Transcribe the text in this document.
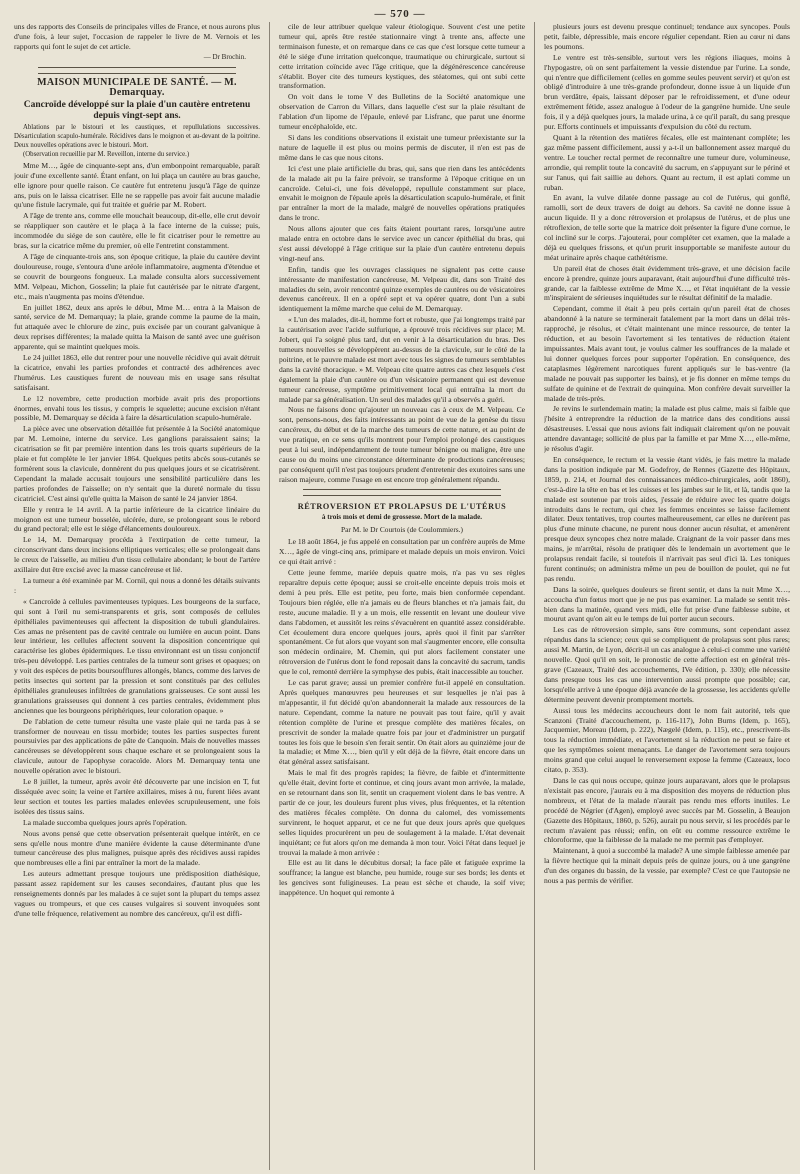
— 570 —

uns des rapports des Conseils de principales villes de France, et nous aurons plus d'une fois, à leur sujet, l'occasion de rappeler le livre de M. Vernois et les rapports qui font le sujet de cet article.

— Dr Brochin.
MAISON MUNICIPALE DE SANTÉ. — M. Demarquay.
Cancroïde développé sur la plaie d'un cautère entretenu depuis vingt-sept ans.

Ablations par le bistouri et les caustiques, et repullulations successives. Désarticulation scapulo-humérale. Récidives dans le moignon et au-devant de la poitrine. Deux nouvelles opérations avec le bistouri. Mort.

(Observation recueillie par M. Reveillon, interne du service.)

Mme M…, âgée de cinquante-sept ans, d'un embonpoint remarquable, paraît jouir d'une excellente santé. Étant enfant, on lui plaça un cautère au bras gauche, elle ignore pour quelle raison. Ce cautère fut entretenu jusqu'à l'âge de quinze ans, puis on le laissa cicatriser. Elle ne se rappelle pas avoir fait aucune maladie qu'une fistule lacrymale, qui fut traitée et guérie par M. Robert.

A l'âge de trente ans, comme elle mouchait beaucoup, dit-elle, elle crut devoir se réappliquer son cautère et le plaça à la face interne de la cuisse; puis, incommodée du siége de son cautère, elle le fit cicatriser pour le remettre au bras, sur la cicatrice même du premier, où elle l'entretint constamment.

A l'âge de cinquante-trois ans, son époque critique, la plaie du cautère devint douloureuse, rouge, s'entoura d'une aréole inflammatoire, augmenta d'étendue et se couvrit de bourgeons fongueux. La malade consulta alors successivement MM. Velpeau, Michon, Gosselin; la plaie fut cautérisée par le nitrate d'argent, etc., mais n'augmenta pas moins d'étendue.

En juillet 1862, deux ans après le début, Mme M… entra à la Maison de santé, service de M. Demarquay; la plaie, grande comme la paume de la main, fut attaquée avec le chlorure de zinc, puis excisée par un courant galvanique à deux reprises différentes; la malade quitta la Maison de santé avec une guérison apparente, qui se maintint quelques mois.

Le 24 juillet 1863, elle dut rentrer pour une nouvelle récidive qui avait détruit la cicatrice, envahi les parties profondes et contracté des adhérences avec l'humérus. Les caustiques furent de nouveau mis en usage sans résultat satisfaisant.

Le 12 novembre, cette production morbide avait pris des proportions énormes, envahi tous les tissus, y compris le squelette; aucune excision n'étant possible, M. Demarquay se décida à faire la désarticulation scapulo-humérale.

La pièce avec une observation détaillée fut présentée à la Société anatomique par M. Lemoine, interne du service. Les ganglions paraissaient sains; la cicatrisation se fit par première intention dans les trois quarts supérieurs de la plaie et fut complète le 1er janvier 1864. Quelques petits abcès sous-cutanés se formèrent sous la clavicule, donnèrent du pus quelques jours et se cicatrisèrent. Cependant la malade accusait toujours une sensibilité particulière dans les parties profondes de l'aisselle; on n'y sentait que la dureté normale du tissu cicatriciel. C'est ainsi qu'elle quitta la Maison de santé le 24 janvier 1864.

Elle y rentra le 14 avril. A la partie inférieure de la cicatrice linéaire du moignon est une tumeur bosselée, ulcérée, dure, se prolongeant sous le rebord du grand pectoral; elle est le siége d'élancements douloureux.

Le 14, M. Demarquay procéda à l'extirpation de cette tumeur, la circonscrivant dans deux incisions elliptiques verticales; elle se prolongeait dans le creux de l'aisselle, au milieu d'un tissu cellulaire abondant; le bout de l'artère axillaire dut être excisé avec la masse cancéreuse et lié.

La tumeur a été examinée par M. Cornil, qui nous a donné les détails suivants :

« Cancroïde à cellules pavimenteuses typiques. Les bourgeons de la surface, qui sont à l'œil nu semi-transparents et gris, sont composés de cellules épithéliales pavimenteuses qui affectent la disposition de tubuli glandulaires. Ces amas ne présentent pas de cavité centrale ou lumière en aucun point. Dans leur intérieur, les cellules affectent souvent la disposition concentrique qui caractérise les globes épidermiques. Le tissu environnant est un tissu conjonctif très-peu développé. Les parties centrales de la tumeur sont grises et opaques; on y voit des espèces de petits boursoufflures allongés, blancs, comme des larves de petits insectes qui sortent par la pression et sont constitués par des cellules épithéliales granuleuses infiltrées de granulations graisseuses. Ce sont aussi les granulations graisseuses qui donnent à ces parties centrales, évidemment plus anciennes que les bourgeons périphériques, leur coloration opaque. »

De l'ablation de cette tumeur résulta une vaste plaie qui ne tarda pas à se transformer de nouveau en tissu morbide; toutes les parties suspectes furent poursuivies par des applications de pâte de Canquoin. Mais de nouvelles masses cancéreuses se développèrent sous chaque eschare et se prolongeaient sous la clavicule, autour de l'apophyse coracoïde. Alors M. Demarquay tenta une nouvelle opération avec le bistouri.

Le 8 juillet, la tumeur, après avoir été découverte par une incision en T, fut disséquée avec soin; la veine et l'artère axillaires, mises à nu, furent liées avant leur section et toutes les parties malades enlevées scrupuleusement, une fois isolées des tissus sains.

La malade succomba quelques jours après l'opération.

Nous avons pensé que cette observation présenterait quelque intérêt, en ce sens qu'elle nous montre d'une manière évidente la cause déterminante d'une tumeur cancéreuse des plus malignes, puisque après des récidives aussi rapides que nombreuses elle a fini par entraîner la mort de la malade.

Les auteurs admettant presque toujours une prédisposition diathésique, passant assez rapidement sur les causes secondaires, d'autant plus que les renseignements donnés par les malades à ce sujet sont la plupart du temps assez vagues ou trompeurs, et que ces causes vulgaires si souvent invoquées sont d'une telle fréquence, relativement au nombre des cancéreux, qu'il est diffi-

cile de leur attribuer quelque valeur étiologique. Souvent c'est une petite tumeur qui, après être restée stationnaire vingt à trente ans, affecte une terminaison funeste, et on remarque dans ce cas que c'est lorsque cette tumeur a été le siége d'une irritation quelconque, traumatique ou chirurgicale, surtout si cette irritation coïncide avec l'âge critique, que la dégénérescence cancéreuse s'établit. Boyer cite des tumeurs kystiques, des stéatomes, qui ont subi cette transformation.

On voit dans le tome V des Bulletins de la Société anatomique une observation de Carron du Villars, dans laquelle c'est sur la plaie résultant de l'ablation d'un lipome de l'épaule, enlevé par Lisfranc, que parut une énorme tumeur encéphaloïde, etc.

Si dans les conditions observations il existait une tumeur préexistante sur la nature de laquelle il est plus ou moins permis de discuter, il n'en est pas de même dans le cas que nous citons.

Ici c'est une plaie artificielle du bras, qui, sans que rien dans les antécédents de la malade ait pu la faire prévoir, se transforme à l'époque critique en un cancroïde. Celui-ci, une fois développé, repullule constamment sur place, envahit le moignon de l'épaule après la désarticulation scapulo-humérale, et finit par entraîner la mort de la malade, malgré de nouvelles opérations pratiquées dans le tronc.

Nous allons ajouter que ces faits étaient pourtant rares, lorsqu'une autre malade entra en octobre dans le service avec un cancer épithélial du bras, qui s'est aussi développé à l'âge critique sur la plaie d'un cautère entretenu depuis vingt-neuf ans.

Enfin, tandis que les ouvrages classiques ne signalent pas cette cause intéressante de manifestation cancéreuse, M. Velpeau dit, dans son Traité des maladies du sein, avoir rencontré quinze exemples de cautères ou de vésicatoires devenus cancéreux. Il en a opéré sept et va opérer quatre, dont l'un a subi identiquement la même marche que celui de M. Demarquay.

« L'un des malades, dit-il, homme fort et robuste, que j'ai longtemps traité par la cautérisation avec l'acide sulfurique, a éprouvé trois récidives sur place; M. Jobert, qui l'a soigné plus tard, dut en venir à la désarticulation du bras. Des tumeurs nouvelles se développèrent au-dessus de la clavicule, sur le côté de la poitrine, et le pauvre malade est mort avec tous les signes de tumeurs semblables dans la cavité thoracique. » M. Velpeau cite quatre autres cas chez lesquels c'est également la plaie d'un cautère ou d'un vésicatoire permanent qui est devenue tumeur cancéreuse, symptôme primitivement local qui entraîna la mort du malade par sa généralisation. Un seul des malades qu'il a observés a guéri.

Nous ne faisons donc qu'ajouter un nouveau cas à ceux de M. Velpeau. Ce sont, pensons-nous, des faits intéressants au point de vue de la genèse du tissu cancéreux, du début et de la marche des tumeurs de cette nature, et au point de vue pratique, en ce sens qu'ils montrent pour l'emploi prolongé des caustiques peut à lui seul, indépendamment de toute tumeur bénigne ou maligne, être une cause ou du moins une circonstance déterminante de productions cancéreuses; par conséquent qu'il n'est pas toujours prudent d'entretenir des exutoires sans une raison majeure, comme l'usage en est encore trop généralement répandu.

RÉTROVERSION ET PROLAPSUS DE L'UTÉRUS
à trois mois et demi de grossesse. Mort de la malade.
Par M. le Dr Courtois (de Coulommiers.)

Le 18 août 1864, je fus appelé en consultation par un confrère auprès de Mme X…, âgée de vingt-cinq ans, primipare et malade depuis un mois environ. Voici ce qui était arrivé :

Cette jeune femme, mariée depuis quatre mois, n'a pas vu ses règles reparaître depuis cette époque; aussi se croit-elle enceinte depuis trois mois et demi à peu près. Elle est petite, peu forte, mais bien conformée cependant. Toujours bien réglée, elle n'a jamais eu de fleurs blanches et n'a jamais fait, du reste, aucune maladie. Il y a un mois, elle ressentit en levant une douleur vive dans l'abdomen, et aussitôt les reins s'évacuèrent en quantité assez considérable. Cet écoulement dura encore quelques jours, après quoi il finit par s'arrêter spontanément. Ce fut alors que voyant son mal s'augmenter encore, elle consulta son médecin ordinaire, M. Chemin, qui put alors facilement constater une rétroversion de l'utérus dont le fond reposait dans la concavité du sacrum, tandis que le col, remonté derrière la symphyse des pubis, était inaccessible au toucher.

Le cas parut grave; aussi un premier confrère fut-il appelé en consultation. Après quelques manœuvres peu heureuses et sur lesquelles je n'ai pas à m'appesantir, il fut décidé qu'on abandonnerait la malade aux ressources de la nature. Cependant, comme la nature ne pouvait pas tout faire, qu'il y avait rétention complète de l'urine et presque complète des matières fécales, on prescrivit de sonder la malade quatre fois par jour et d'administrer un purgatif toutes les fois que le besoin s'en ferait sentir. On était alors au quinzième jour de la maladie; et Mme X…, bien qu'il y eût déjà de la fièvre, était encore dans un état général assez satisfaisant.

Mais le mal fit des progrès rapides; la fièvre, de faible et d'intermittente qu'elle était, devint forte et continue, et cinq jours avant mon arrivée, la malade, en se retournant dans son lit, sentit un craquement violent dans le bas ventre. A partir de ce jour, les douleurs furent plus vives, plus fréquentes, et la rétention des matières fécales complète. On donna du calomel, des vomissements survinrent, le hoquet apparut, et ce ne fut que deux jours après que quelques selles liquides procurèrent un peu de soulagement à la malade. L'état devenait inquiétant; ce fut alors qu'on me demanda à mon tour. Voici l'état dans lequel je trouvai la malade à mon arrivée :

Elle est au lit dans le décubitus dorsal; la face pâle et fatiguée exprime la souffrance; la langue est blanche, peu humide, rouge sur ses bords; les dents et les gencives sont fuligineuses. La peau est sèche et chaude, la soif vive; inappétence. Un hoquet qui remonte à

plusieurs jours est devenu presque continuel; tendance aux syncopes. Pouls petit, faible, dépressible, mais encore régulier cependant. Rien au cœur ni dans les poumons.

Le ventre est très-sensible, surtout vers les régions iliaques, moins à l'hypogastre, où on sent parfaitement la vessie distendue par l'urine. La sonde, qui n'entre que difficilement (celles en gomme seules peuvent servir) et qu'on est obligé d'introduire à une très-grande profondeur, donne issue à un liquide d'un brun verdâtre, épais, laissant déposer par le refroidissement, et d'une odeur extrêmement fétide, assez analogue à l'odeur de la gangrène humide. Une seule fois, il y a déjà quelques jours, la malade urina, à ce qu'il paraît, du sang presque pur. Efforts continuels et impuissants d'expulsion du côté du rectum.

Quant à la rétention des matières fécales, elle est maintenant complète; les gaz même passent difficilement, aussi y a-t-il un ballonnement assez marqué du ventre. Le toucher rectal permet de reconnaître une tumeur dure, volumineuse, arrondie, qui remplit toute la concavité du sacrum, en s'appuyant sur le périné et sur l'anus, qui fait saillie au dehors. Quant au rectum, il est aplati comme un ruban.

En avant, la vulve dilatée donne passage au col de l'utérus, qui gonflé, ramolli, sort de deux travers de doigt au dehors. Sa cavité ne donne issue à aucun liquide. Il y a donc rétroversion et prolapsus de l'utérus, et de plus une rétroflexion, de telle sorte que la matrice doit présenter la figure d'une cornue, le col incliné sur le corps. J'ajouterai, pour compléter cet examen, que la malade a déjà eu quelques frissons, et qu'un prurit insupportable se manifeste autour du méat urinaire après chaque cathétérisme.

Un pareil état de choses était évidemment très-grave, et une décision facile encore à prendre, quinze jours auparavant, était aujourd'hui d'une difficulté très-grande, car la faiblesse extrême de Mme X…, et l'état inquiétant de la vessie m'inspiraient de sérieuses inquiétudes sur le résultat définitif de la maladie.

Cependant, comme il était à peu près certain qu'un pareil état de choses abandonné à la nature se terminerait fatalement par la mort dans un délai très-rapproché, je résolus, et c'était maintenant une mince ressource, de tenter la réduction, et au besoin l'avortement si les tentatives de réduction étaient impuissantes. Mais avant tout, je voulus calmer les souffrances de la malade et lui donner quelques forces pour supporter l'opération. En conséquence, des cataplasmes légèrement narcotiques furent appliqués sur le bas-ventre (la malade ne pouvait pas supporter les bains), et je fis donner en même temps du sulfate de quinine et de l'extrait de quinquina. Mon confrère devait surveiller la malade de très-près.

Je revins le surlendemain matin; la malade est plus calme, mais si faible que j'hésite à entreprendre la réduction de la matrice dans des conditions aussi désastreuses. L'essai que nous avions fait indiquait clairement qu'on ne pouvait attendre davantage; sollicité de plus par la famille et par Mme X…, elle-même, je résolus d'agir.

En conséquence, le rectum et la vessie étant vidés, je fais mettre la malade dans la position indiquée par M. Godefroy, de Rennes (Gazette des Hôpitaux, 1859, p. 214, et Journal des connaissances médico-chirurgicales, août 1860), c'est-à-dire la tête en bas et les cuisses et les jambes sur le lit, et là, tandis que la malade est soutenue par trois aides, j'essaie de réduire avec les quatre doigts introduits dans le rectum, qui chez les femmes enceintes se laisse facilement dilater. Deux tentatives, trop courtes malheureusement, car elles ne durèrent pas plus d'une minute chacune, ne purent nous donner aucun résultat, et amenèrent presque deux syncopes chez notre malade. Craignant de la voir passer dans mes mains, je m'arrêtai, résolu de pratiquer dès le lendemain un avortement que le prolapsus rendait facile, si toutefois il n'arrivait pas seul d'ici là. Les toniques furent continués; on administra même un peu de bouillon de poulet, qui ne fut pas rendu.

Dans la soirée, quelques douleurs se firent sentir, et dans la nuit Mme X…, accoucha d'un fœtus mort que je ne pus pas examiner. La malade se sentit très-bien dans la matinée, quand vers midi, elle fut prise d'une faiblesse subite, et mourut avant qu'on ait eu le temps de lui porter aucun secours.

Les cas de rétroversion simple, sans être communs, sont cependant assez répandus dans la science; ceux qui se compliquent de prolapsus sont plus rares; aussi M. Martin, de Lyon, décrit-il un cas analogue à celui-ci comme une variété nouvelle. Quoi qu'il en soit, le pronostic de cette affection est en général très-grave (Cazeaux, Traité des accouchements, IVe édition, p. 330); elle nécessite dans presque tous les cas une intervention aussi prompte que possible; car, lorsqu'elle arrive à une époque déjà avancée de la grossesse, les accidents qu'elle détermine peuvent devenir promptement mortels.

Aussi tous les médecins accoucheurs dont le nom fait autorité, tels que Scanzoni (Traité d'accouchement, p. 116-117), John Burns (Idem, p. 165), Jacquemier, Moreau (Idem, p. 222), Nægelé (Idem, p. 115), etc., prescrivent-ils tous la réduction immédiate, et l'avortement si la réduction ne peut se faire et que les symptômes soient menaçants. Le danger de l'avortement sera toujours moins grand que celui auquel le renversement expose la femme (Cazeaux, loco citato, p. 353).

Dans le cas qui nous occupe, quinze jours auparavant, alors que le prolapsus n'existait pas encore, j'aurais eu à ma disposition des moyens de réduction plus nombreux, et l'état de la malade n'aurait pas rendu mes efforts inutiles. Le procédé de Négrier (d'Agen), employé avec succès par M. Gosselin, à Beaujon (Gazette des Hôpitaux, 1860, p. 526), aurait pu nous servir, si les procédés par le rectum n'avaient pas réussi; enfin, on eût eu comme ressource extrême le chloroforme, que la faiblesse de la malade ne me permit pas d'employer.

Maintenant, à quoi a succombé la malade? A une simple faiblesse amenée par la fièvre hectique qui la minait depuis près de quinze jours, ou à une gangrène d'un des organes du bassin, de la vessie, par exemple? C'est ce que l'autopsie ne nous a pas permis de vérifier.
